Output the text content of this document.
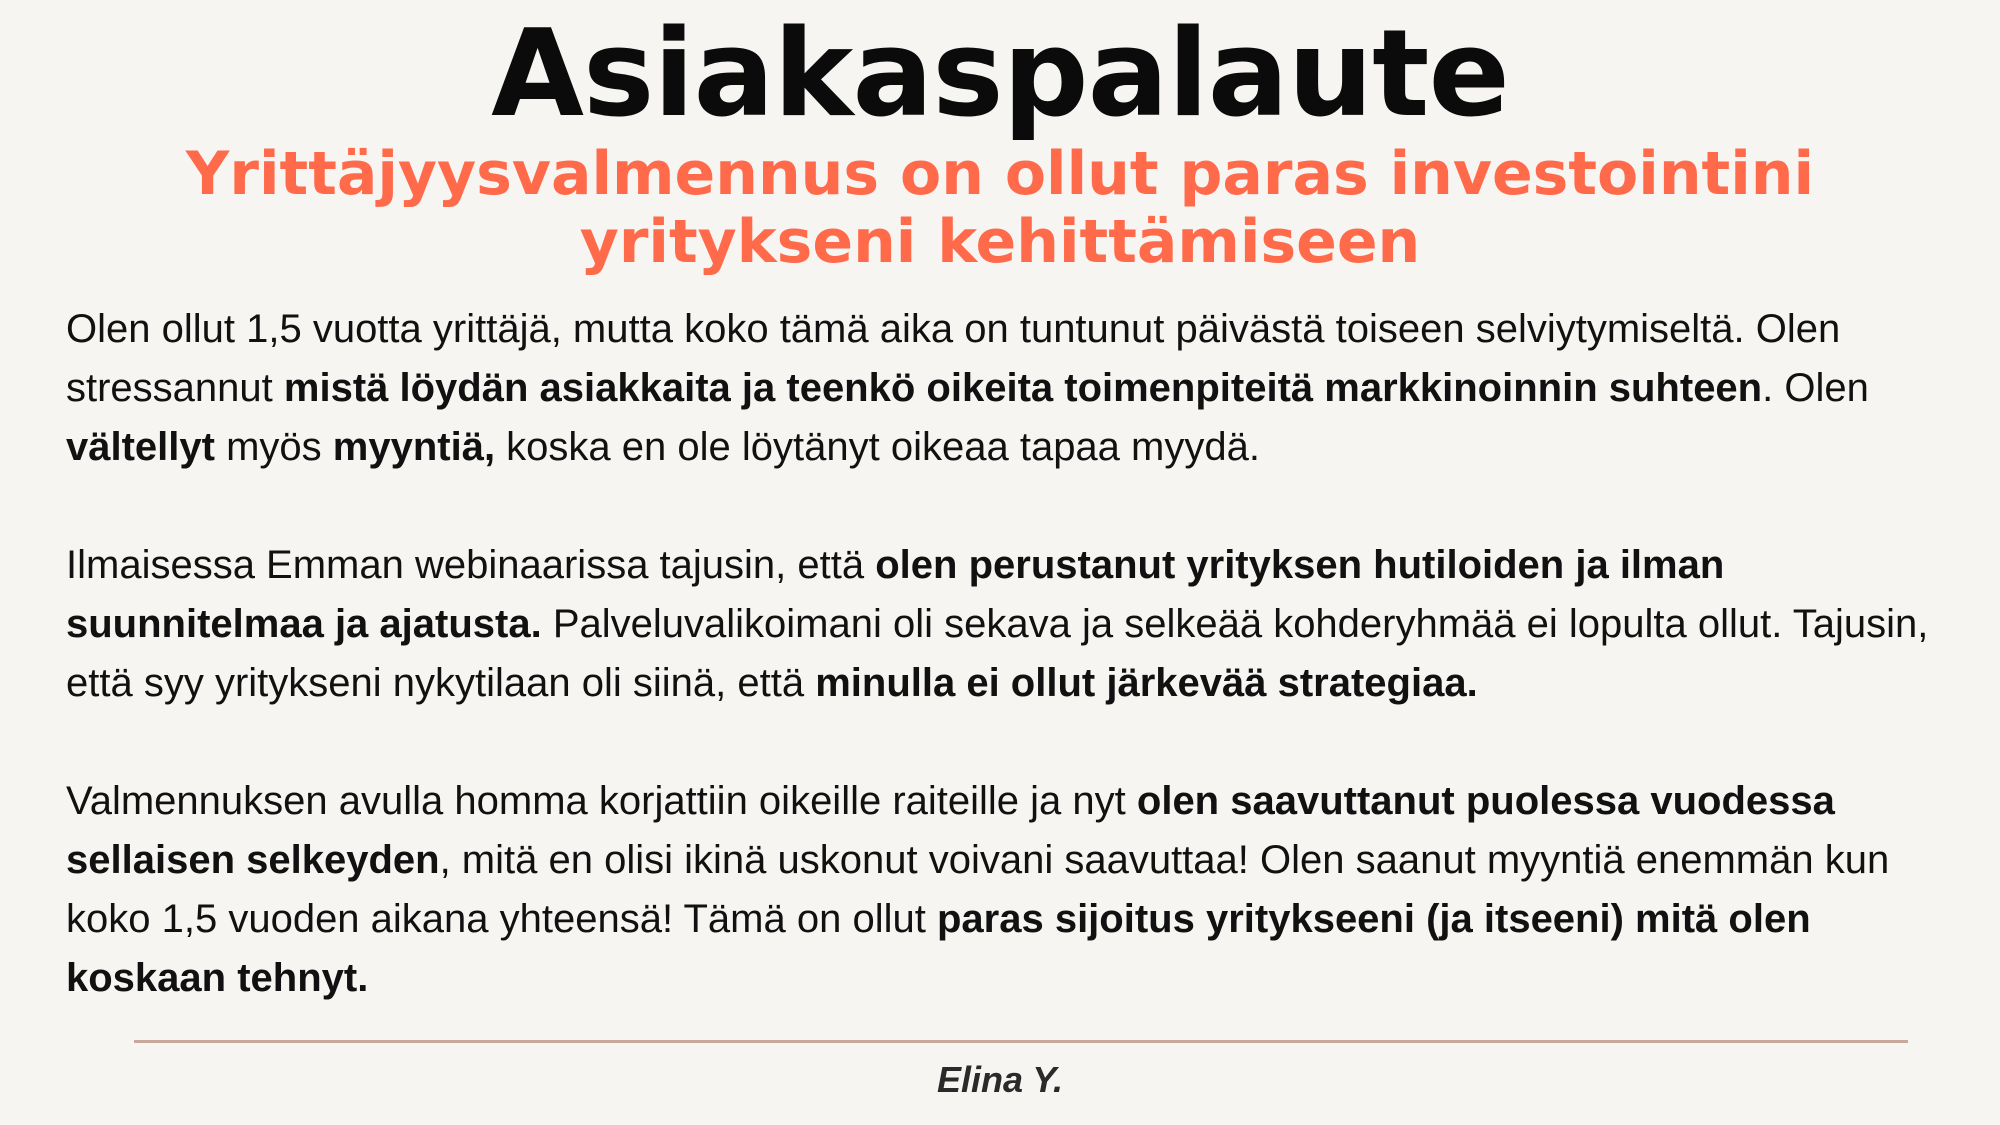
Asiakaspalaute
Yrittäjyysvalmennus on ollut paras investointini yritykseni kehittämiseen

Olen ollut 1,5 vuotta yrittäjä, mutta koko tämä aika on tuntunut päivästä toiseen selviytymiseltä. Olen stressannut mistä löydän asiakkaita ja teenkö oikeita toimenpiteitä markkinoinnin suhteen. Olen vältellyt myös myyntiä, koska en ole löytänyt oikeaa tapaa myydä.

Ilmaisessa Emman webinaarissa tajusin, että olen perustanut yrityksen hutiloiden ja ilman suunnitelmaa ja ajatusta. Palveluvalikoimani oli sekava ja selkeää kohderyhmää ei lopulta ollut. Tajusin, että syy yritykseni nykytilaan oli siinä, että minulla ei ollut järkevää strategiaa.

Valmennuksen avulla homma korjattiin oikeille raiteille ja nyt olen saavuttanut puolessa vuodessa sellaisen selkeyden, mitä en olisi ikinä uskonut voivani saavuttaa! Olen saanut myyntiä enemmän kun koko 1,5 vuoden aikana yhteensä! Tämä on ollut paras sijoitus yritykseeni (ja itseeni) mitä olen koskaan tehnyt.

Elina Y.
